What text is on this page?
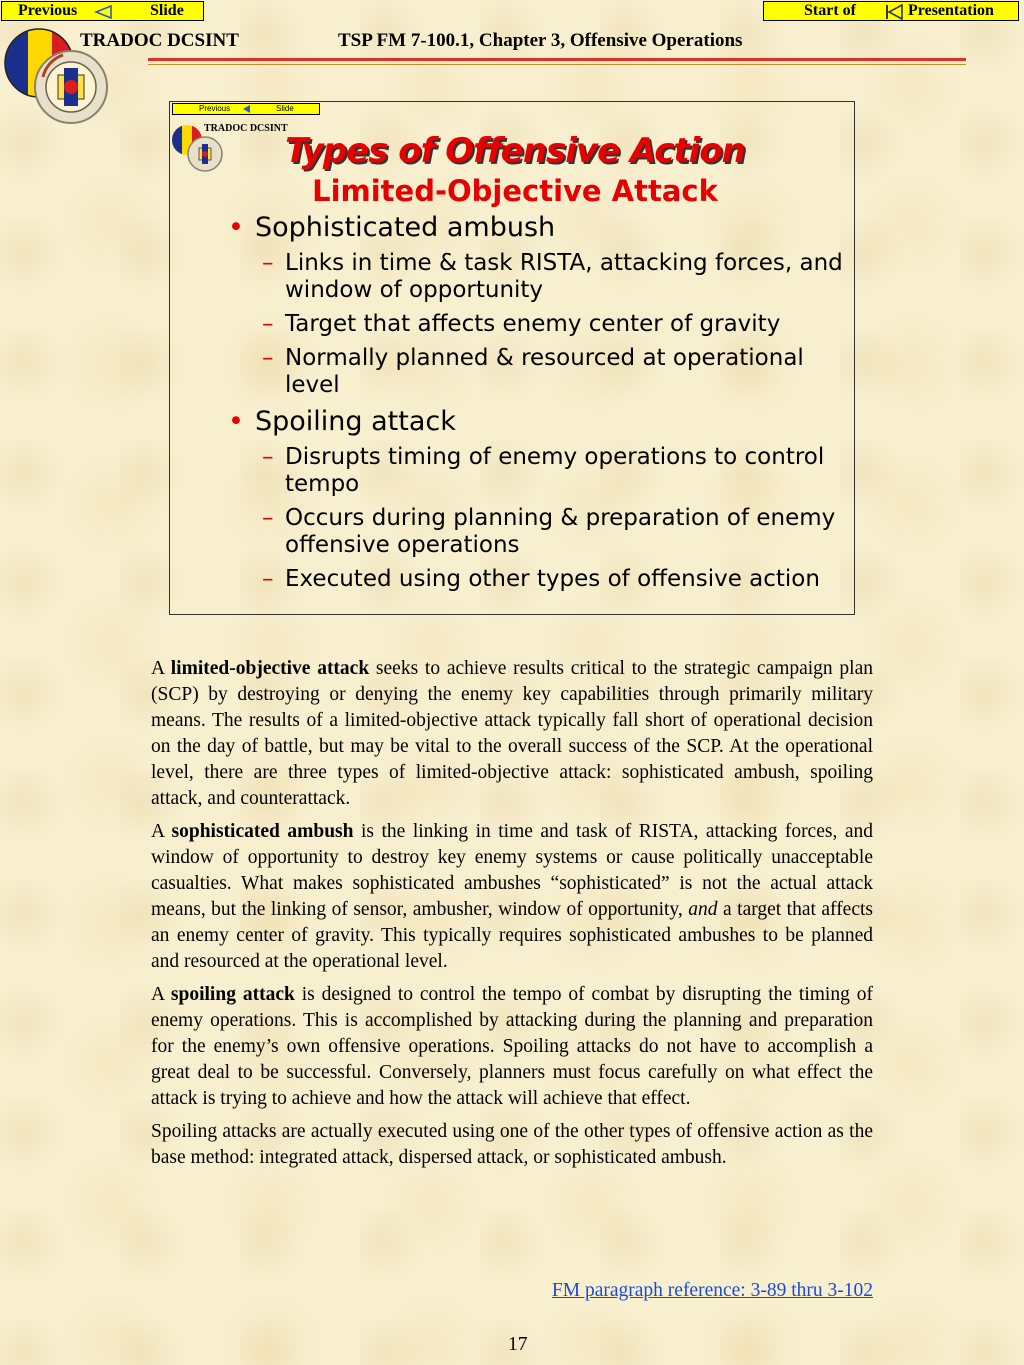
Previous	Slide	Start of	Presentation
TRADOC DCSINT	TSP FM 7-100.1, Chapter 3, Offensive Operations
Previous	Slide
TRADOC DCSINT
Types of Offensive Action
Limited-Objective Attack
• Sophisticated ambush
– Links in time & task RISTA, attacking forces, and window of opportunity
– Target that affects enemy center of gravity
– Normally planned & resourced at operational level
• Spoiling attack
– Disrupts timing of enemy operations to control tempo
– Occurs during planning & preparation of enemy offensive operations
– Executed using other types of offensive action

A limited-objective attack seeks to achieve results critical to the strategic campaign plan (SCP) by destroying or denying the enemy key capabilities through primarily military means. The results of a limited-objective attack typically fall short of operational decision on the day of battle, but may be vital to the overall success of the SCP. At the operational level, there are three types of limited-objective attack: sophisticated ambush, spoiling attack, and counterattack.

A sophisticated ambush is the linking in time and task of RISTA, attacking forces, and window of opportunity to destroy key enemy systems or cause politically unacceptable casualties. What makes sophisticated ambushes “sophisticated” is not the actual attack means, but the linking of sensor, ambusher, window of opportunity, and a target that affects an enemy center of gravity. This typically requires sophisticated ambushes to be planned and resourced at the operational level.

A spoiling attack is designed to control the tempo of combat by disrupting the timing of enemy operations. This is accomplished by attacking during the planning and preparation for the enemy’s own offensive operations. Spoiling attacks do not have to accomplish a great deal to be successful. Conversely, planners must focus carefully on what effect the attack is trying to achieve and how the attack will achieve that effect.

Spoiling attacks are actually executed using one of the other types of offensive action as the base method: integrated attack, dispersed attack, or sophisticated ambush.

FM paragraph reference: 3-89 thru 3-102
17
